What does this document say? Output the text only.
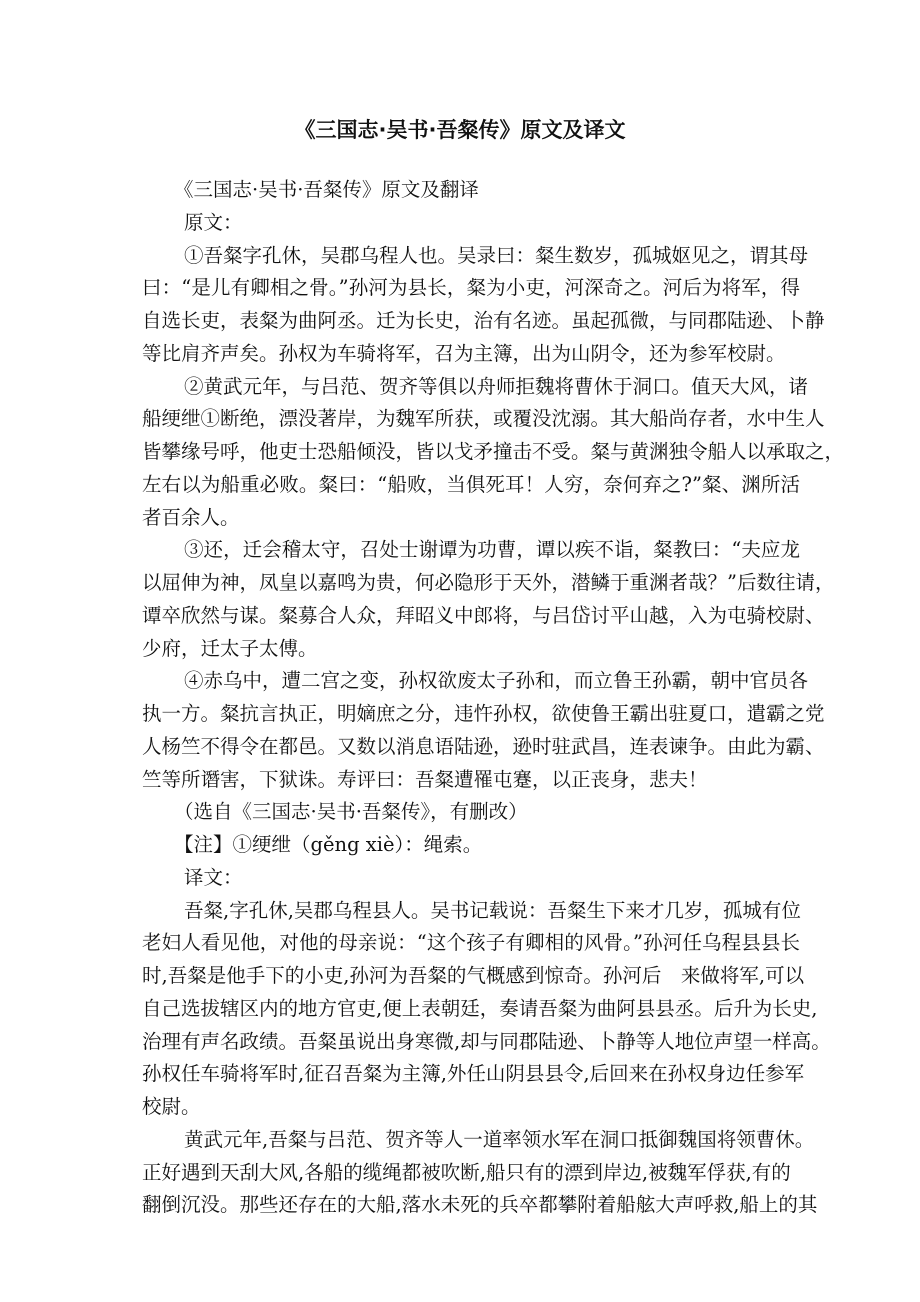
《三国志·吴书·吾粲传》原文及译文
《三国志·吴书·吾粲传》原文及翻译
原文：
①吾粲字孔休，吴郡乌程人也。吴录曰：粲生数岁，孤城妪见之，谓其母
曰：“是儿有卿相之骨。”孙河为县长，粲为小吏，河深奇之。河后为将军，得
自选长吏，表粲为曲阿丞。迁为长史，治有名迹。虽起孤微，与同郡陆逊、卜静
等比肩齐声矣。孙权为车骑将军，召为主簿，出为山阴令，还为参军校尉。
②黄武元年，与吕范、贺齐等俱以舟师拒魏将曹休于洞口。值天大风，诸
船绠绁①断绝，漂没著岸，为魏军所获，或覆没沈溺。其大船尚存者，水中生人
皆攀缘号呼，他吏士恐船倾没，皆以戈矛撞击不受。粲与黄渊独令船人以承取之，
左右以为船重必败。粲曰：“船败，当俱死耳！人穷，奈何弃之?”粲、渊所活
者百余人。
③还，迁会稽太守，召处士谢谭为功曹，谭以疾不诣，粲教曰：“夫应龙
以屈伸为神，凤皇以嘉鸣为贵，何必隐形于天外，潜鳞于重渊者哉？”后数往请，
谭卒欣然与谋。粲募合人众，拜昭义中郎将，与吕岱讨平山越，入为屯骑校尉、
少府，迁太子太傅。
④赤乌中，遭二宫之变，孙权欲废太子孙和，而立鲁王孙霸，朝中官员各
执一方。粲抗言执正，明嫡庶之分，违忤孙权，欲使鲁王霸出驻夏口，遣霸之党
人杨竺不得令在都邑。又数以消息语陆逊，逊时驻武昌，连表谏争。由此为霸、
竺等所谮害，下狱诛。寿评曰：吾粲遭罹屯蹇，以正丧身，悲夫！
（选自《三国志·吴书·吾粲传》，有删改）
【注】①绠绁（gěng xiè）：绳索。
译文：
吾粲,字孔休,吴郡乌程县人。吴书记载说：吾粲生下来才几岁，孤城有位
老妇人看见他，对他的母亲说：“这个孩子有卿相的风骨。”孙河任乌程县县长
时,吾粲是他手下的小吏,孙河为吾粲的气概感到惊奇。孙河后　来做将军,可以
自己选拔辖区内的地方官吏,便上表朝廷，奏请吾粲为曲阿县县丞。后升为长史,
治理有声名政绩。吾粲虽说出身寒微,却与同郡陆逊、卜静等人地位声望一样高。
孙权任车骑将军时,征召吾粲为主簿,外任山阴县县令,后回来在孙权身边任参军
校尉。
黄武元年,吾粲与吕范、贺齐等人一道率领水军在洞口抵御魏国将领曹休。
正好遇到天刮大风,各船的缆绳都被吹断,船只有的漂到岸边,被魏军俘获,有的
翻倒沉没。那些还存在的大船,落水未死的兵卒都攀附着船舷大声呼救,船上的其
